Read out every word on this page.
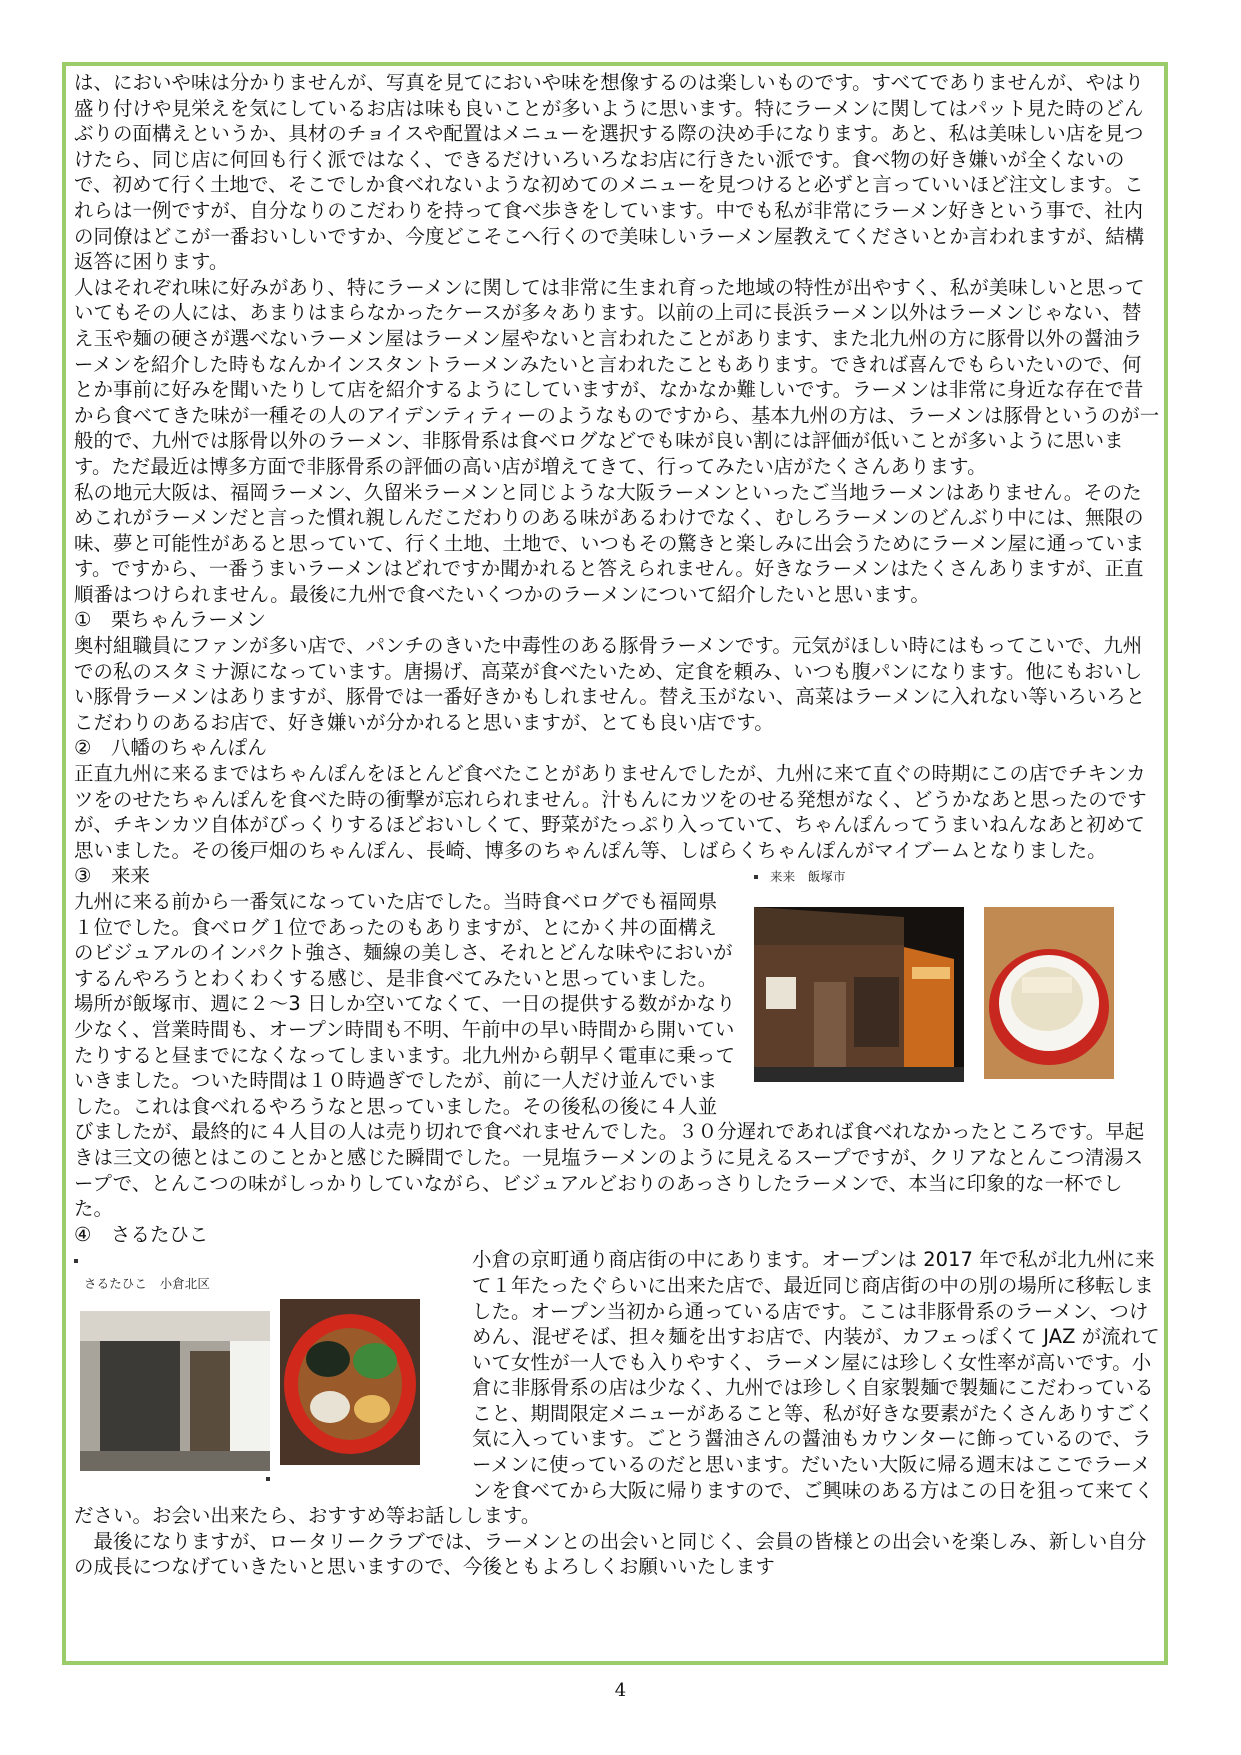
は、においや味は分かりませんが、写真を見てにおいや味を想像するのは楽しいものです。すべてでありませんが、やはり盛り付けや見栄えを気にしているお店は味も良いことが多いように思います。特にラーメンに関してはパット見た時のどんぶりの面構えというか、具材のチョイスや配置はメニューを選択する際の決め手になります。あと、私は美味しい店を見つけたら、同じ店に何回も行く派ではなく、できるだけいろいろなお店に行きたい派です。食べ物の好き嫌いが全くないので、初めて行く土地で、そこでしか食べれないような初めてのメニューを見つけると必ずと言っていいほど注文します。これらは一例ですが、自分なりのこだわりを持って食べ歩きをしています。中でも私が非常にラーメン好きという事で、社内の同僚はどこが一番おいしいですか、今度どこそこへ行くので美味しいラーメン屋教えてくださいとか言われますが、結構返答に困ります。

人はそれぞれ味に好みがあり、特にラーメンに関しては非常に生まれ育った地域の特性が出やすく、私が美味しいと思っていてもその人には、あまりはまらなかったケースが多々あります。以前の上司に長浜ラーメン以外はラーメンじゃない、替え玉や麺の硬さが選べないラーメン屋はラーメン屋やないと言われたことがあります、また北九州の方に豚骨以外の醤油ラーメンを紹介した時もなんかインスタントラーメンみたいと言われたこともあります。できれば喜んでもらいたいので、何とか事前に好みを聞いたりして店を紹介するようにしていますが、なかなか難しいです。ラーメンは非常に身近な存在で昔から食べてきた味が一種その人のアイデンティティーのようなものですから、基本九州の方は、ラーメンは豚骨というのが一般的で、九州では豚骨以外のラーメン、非豚骨系は食べログなどでも味が良い割には評価が低いことが多いように思います。ただ最近は博多方面で非豚骨系の評価の高い店が増えてきて、行ってみたい店がたくさんあります。

私の地元大阪は、福岡ラーメン、久留米ラーメンと同じような大阪ラーメンといったご当地ラーメンはありません。そのためこれがラーメンだと言った慣れ親しんだこだわりのある味があるわけでなく、むしろラーメンのどんぶり中には、無限の味、夢と可能性があると思っていて、行く土地、土地で、いつもその驚きと楽しみに出会うためにラーメン屋に通っています。ですから、一番うまいラーメンはどれですか聞かれると答えられません。好きなラーメンはたくさんありますが、正直順番はつけられません。最後に九州で食べたいくつかのラーメンについて紹介したいと思います。

①　栗ちゃんラーメン

奥村組職員にファンが多い店で、パンチのきいた中毒性のある豚骨ラーメンです。元気がほしい時にはもってこいで、九州での私のスタミナ源になっています。唐揚げ、高菜が食べたいため、定食を頼み、いつも腹パンになります。他にもおいしい豚骨ラーメンはありますが、豚骨では一番好きかもしれません。替え玉がない、高菜はラーメンに入れない等いろいろとこだわりのあるお店で、好き嫌いが分かれると思いますが、とても良い店です。

②　八幡のちゃんぽん

正直九州に来るまではちゃんぽんをほとんど食べたことがありませんでしたが、九州に来て直ぐの時期にこの店でチキンカツをのせたちゃんぽんを食べた時の衝撃が忘れられません。汁もんにカツをのせる発想がなく、どうかなあと思ったのですが、チキンカツ自体がびっくりするほどおいしくて、野菜がたっぷり入っていて、ちゃんぽんってうまいねんなあと初めて思いました。その後戸畑のちゃんぽん、長崎、博多のちゃんぽん等、しばらくちゃんぽんがマイブームとなりました。

来来　飯塚市

③　来来

九州に来る前から一番気になっていた店でした。当時食べログでも福岡県１位でした。食べログ１位であったのもありますが、とにかく丼の面構えのビジュアルのインパクト強さ、麺線の美しさ、それとどんな味やにおいがするんやろうとわくわくする感じ、是非食べてみたいと思っていました。場所が飯塚市、週に２～3 日しか空いてなくて、一日の提供する数がかなり少なく、営業時間も、オープン時間も不明、午前中の早い時間から開いていたりすると昼までになくなってしまいます。北九州から朝早く電車に乗っていきました。ついた時間は１０時過ぎでしたが、前に一人だけ並んでいました。これは食べれるやろうなと思っていました。その後私の後に４人並びましたが、最終的に４人目の人は売り切れで食べれませんでした。３０分遅れであれば食べれなかったところです。早起きは三文の徳とはこのことかと感じた瞬間でした。一見塩ラーメンのように見えるスープですが、クリアなとんこつ清湯スープで、とんこつの味がしっかりしていながら、ビジュアルどおりのあっさりしたラーメンで、本当に印象的な一杯でした。

④　さるたひこ

さるたひこ　小倉北区

小倉の京町通り商店街の中にあります。オープンは 2017 年で私が北九州に来て１年たったぐらいに出来た店で、最近同じ商店街の中の別の場所に移転しました。オープン当初から通っている店です。ここは非豚骨系のラーメン、つけめん、混ぜそば、担々麺を出すお店で、内装が、カフェっぽくて JAZ が流れていて女性が一人でも入りやすく、ラーメン屋には珍しく女性率が高いです。小倉に非豚骨系の店は少なく、九州では珍しく自家製麺で製麺にこだわっていること、期間限定メニューがあること等、私が好きな要素がたくさんありすごく気に入っています。ごとう醤油さんの醤油もカウンターに飾っているので、ラーメンに使っているのだと思います。だいたい大阪に帰る週末はここでラーメンを食べてから大阪に帰りますので、ご興味のある方はこの日を狙って来てください。お会い出来たら、おすすめ等お話しします。

　最後になりますが、ロータリークラブでは、ラーメンとの出会いと同じく、会員の皆様との出会いを楽しみ、新しい自分の成長につなげていきたいと思いますので、今後ともよろしくお願いいたします

4
